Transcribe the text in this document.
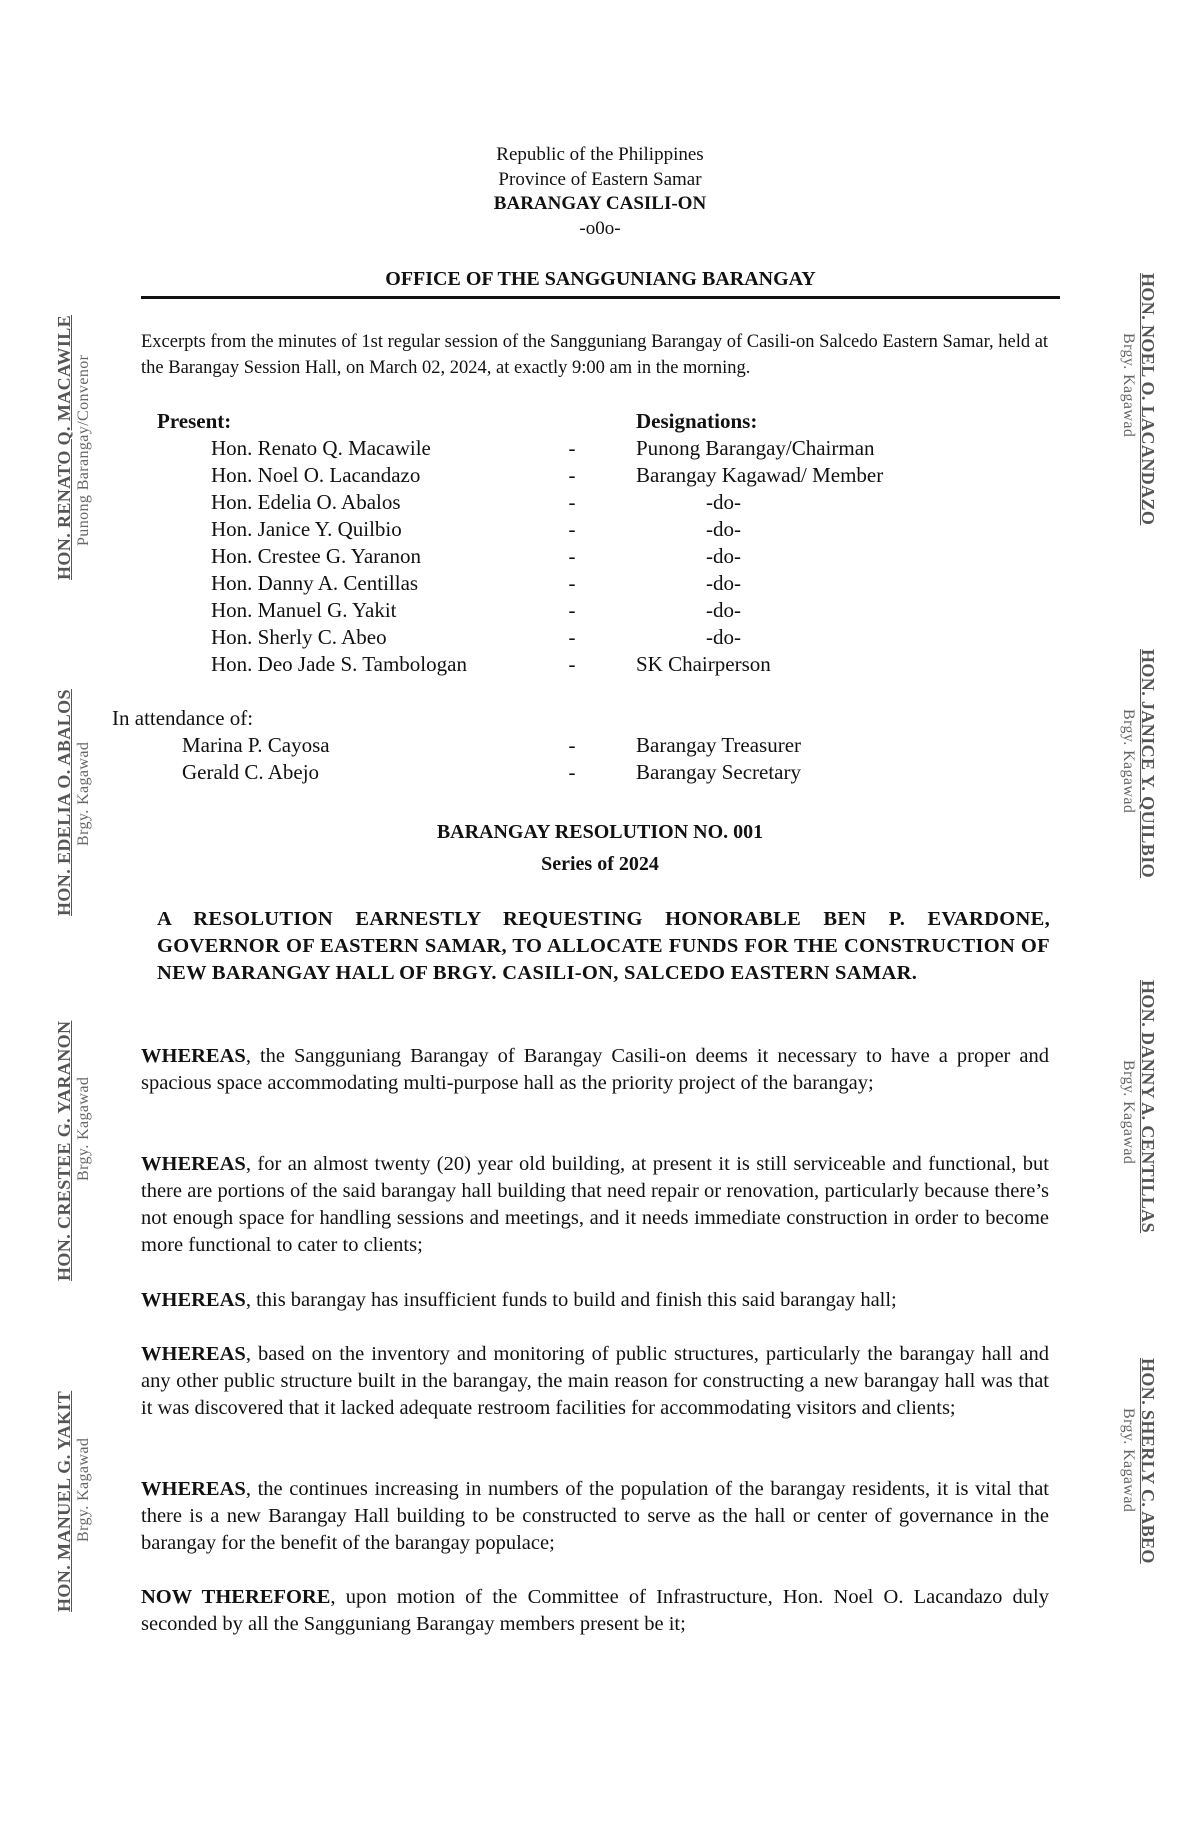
Republic of the Philippines
Province of Eastern Samar
BARANGAY CASILI-ON
-o0o-
OFFICE OF THE SANGGUNIANG BARANGAY
Excerpts from the minutes of 1st regular session of the Sangguniang Barangay of Casili-on Salcedo Eastern Samar, held at the Barangay Session Hall, on March 02, 2024, at exactly 9:00 am in the morning.
Present:	Designations:
Hon. Renato Q. Macawile	-	Punong Barangay/Chairman
Hon. Noel O. Lacandazo	-	Barangay Kagawad/ Member
Hon. Edelia O. Abalos	-	-do-
Hon. Janice Y. Quilbio	-	-do-
Hon. Crestee G. Yaranon	-	-do-
Hon. Danny A. Centillas	-	-do-
Hon. Manuel G. Yakit	-	-do-
Hon. Sherly C. Abeo	-	-do-
Hon. Deo Jade S. Tambologan	-	SK Chairperson
In attendance of:
Marina P. Cayosa	-	Barangay Treasurer
Gerald C. Abejo	-	Barangay Secretary
BARANGAY RESOLUTION NO. 001
Series of 2024
A RESOLUTION EARNESTLY REQUESTING HONORABLE BEN P. EVARDONE, GOVERNOR OF EASTERN SAMAR, TO ALLOCATE FUNDS FOR THE CONSTRUCTION OF NEW BARANGAY HALL OF BRGY. CASILI-ON, SALCEDO EASTERN SAMAR.
WHEREAS, the Sangguniang Barangay of Barangay Casili-on deems it necessary to have a proper and spacious space accommodating multi-purpose hall as the priority project of the barangay;
WHEREAS, for an almost twenty (20) year old building, at present it is still serviceable and functional, but there are portions of the said barangay hall building that need repair or renovation, particularly because there’s not enough space for handling sessions and meetings, and it needs immediate construction in order to become more functional to cater to clients;
WHEREAS, this barangay has insufficient funds to build and finish this said barangay hall;
WHEREAS, based on the inventory and monitoring of public structures, particularly the barangay hall and any other public structure built in the barangay, the main reason for constructing a new barangay hall was that it was discovered that it lacked adequate restroom facilities for accommodating visitors and clients;
WHEREAS, the continues increasing in numbers of the population of the barangay residents, it is vital that there is a new Barangay Hall building to be constructed to serve as the hall or center of governance in the barangay for the benefit of the barangay populace;
NOW THEREFORE, upon motion of the Committee of Infrastructure, Hon. Noel O. Lacandazo duly seconded by all the Sangguniang Barangay members present be it;
HON. RENATO Q. MACAWILE Punong Barangay/Convenor
HON. EDELIA O. ABALOS Brgy. Kagawad
HON. CRESTEE G. YARANON Brgy. Kagawad
HON. MANUEL G. YAKIT Brgy. Kagawad
HON. NOEL O. LACANDAZO
Brgy. Kagawad
HON. JANICE Y. QUILBIO
Brgy. Kagawad
HON. DANNY A. CENTILLAS
Brgy. Kagawad
HON. SHERLY C. ABEO
Brgy. Kagawad
